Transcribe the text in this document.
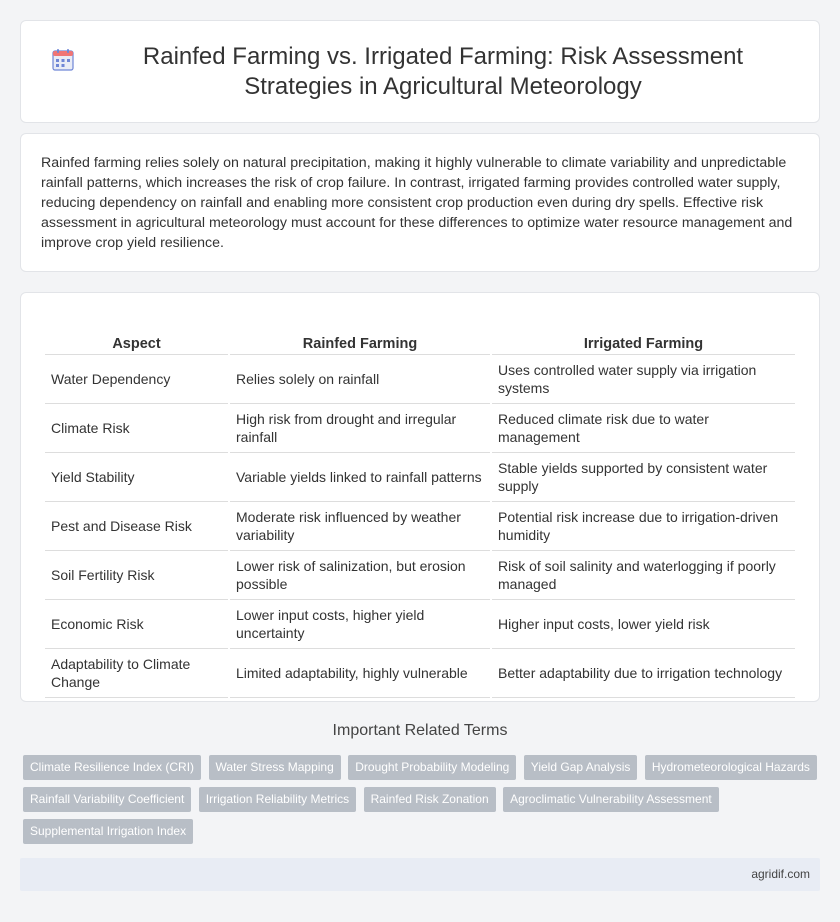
Rainfed Farming vs. Irrigated Farming: Risk Assessment Strategies in Agricultural Meteorology

Rainfed farming relies solely on natural precipitation, making it highly vulnerable to climate variability and unpredictable rainfall patterns, which increases the risk of crop failure. In contrast, irrigated farming provides controlled water supply, reducing dependency on rainfall and enabling more consistent crop production even during dry spells. Effective risk assessment in agricultural meteorology must account for these differences to optimize water resource management and improve crop yield resilience.

Aspect	Rainfed Farming	Irrigated Farming
Water Dependency	Relies solely on rainfall	Uses controlled water supply via irrigation systems
Climate Risk	High risk from drought and irregular rainfall	Reduced climate risk due to water management
Yield Stability	Variable yields linked to rainfall patterns	Stable yields supported by consistent water supply
Pest and Disease Risk	Moderate risk influenced by weather variability	Potential risk increase due to irrigation-driven humidity
Soil Fertility Risk	Lower risk of salinization, but erosion possible	Risk of soil salinity and waterlogging if poorly managed
Economic Risk	Lower input costs, higher yield uncertainty	Higher input costs, lower yield risk
Adaptability to Climate Change	Limited adaptability, highly vulnerable	Better adaptability due to irrigation technology
Important Related Terms
Climate Resilience Index (CRI) Water Stress Mapping Drought Probability Modeling Yield Gap Analysis Hydrometeorological Hazards Rainfall Variability Coefficient Irrigation Reliability Metrics Rainfed Risk Zonation Agroclimatic Vulnerability Assessment Supplemental Irrigation Index
agridif.com
